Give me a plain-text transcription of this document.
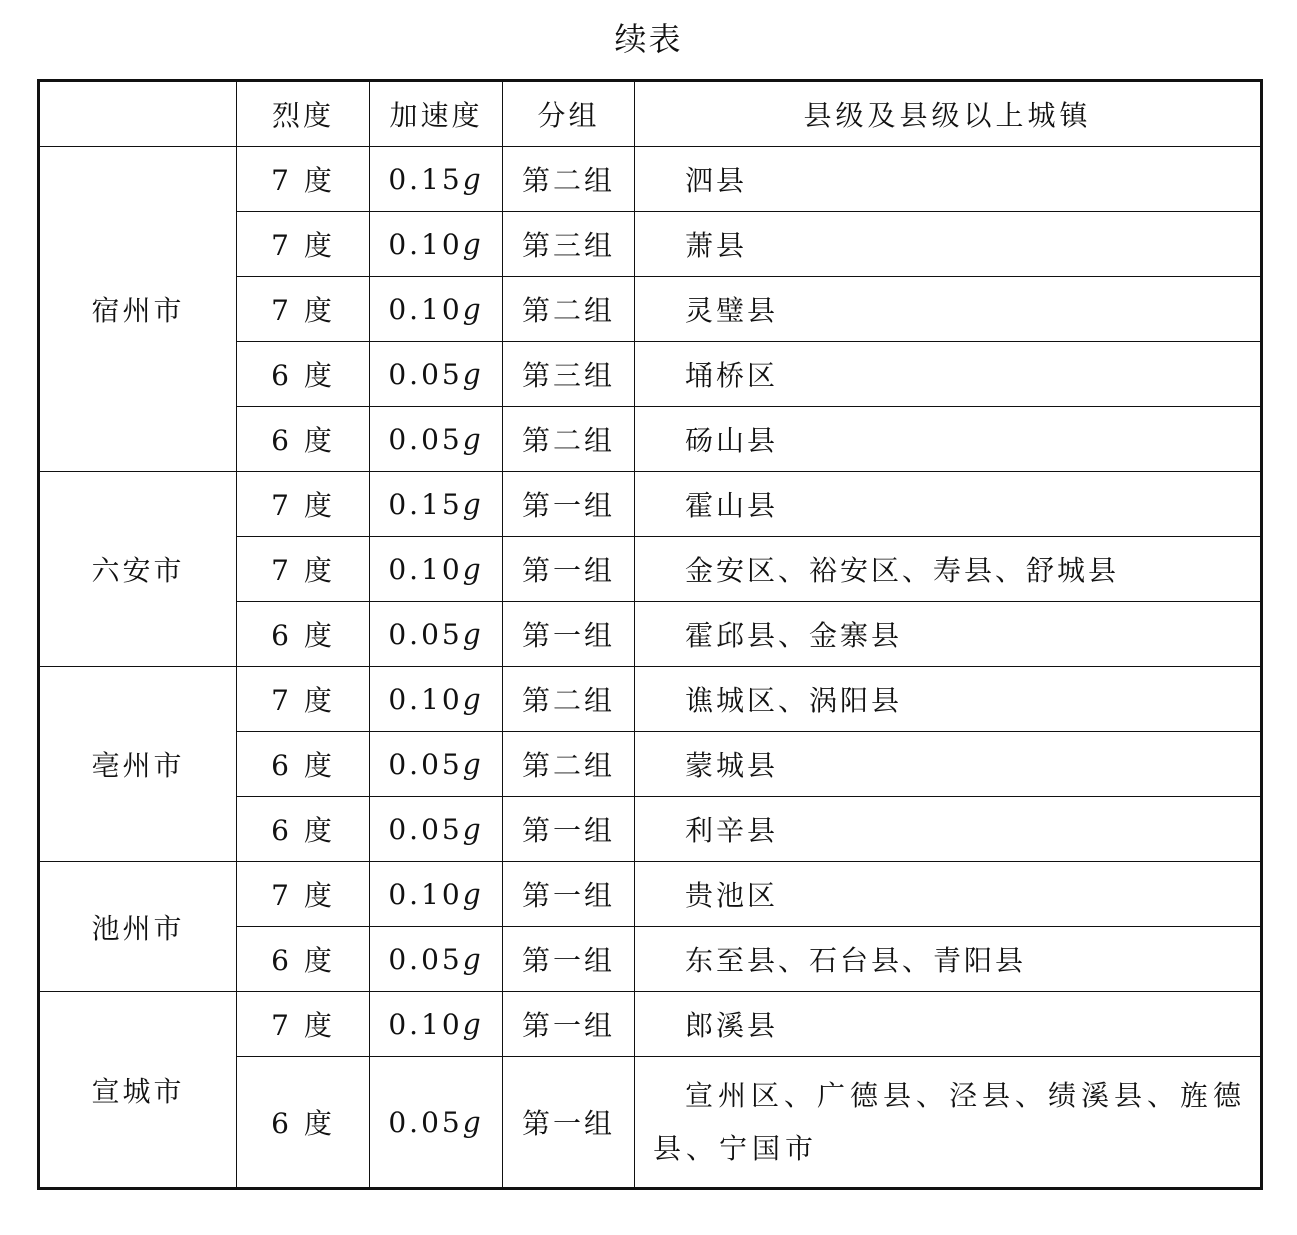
续表
	烈度	加速度	分组	县级及县级以上城镇
宿州市	7 度	0.15g	第二组	泗县
	7 度	0.10g	第三组	萧县
	7 度	0.10g	第二组	灵璧县
	6 度	0.05g	第三组	埇桥区
	6 度	0.05g	第二组	砀山县
六安市	7 度	0.15g	第一组	霍山县
	7 度	0.10g	第一组	金安区、裕安区、寿县、舒城县
	6 度	0.05g	第一组	霍邱县、金寨县
亳州市	7 度	0.10g	第二组	谯城区、涡阳县
	6 度	0.05g	第二组	蒙城县
	6 度	0.05g	第一组	利辛县
池州市	7 度	0.10g	第一组	贵池区
	6 度	0.05g	第一组	东至县、石台县、青阳县
宣城市	7 度	0.10g	第一组	郎溪县
	6 度	0.05g	第一组	宣州区、广德县、泾县、绩溪县、旌德县、宁国市
